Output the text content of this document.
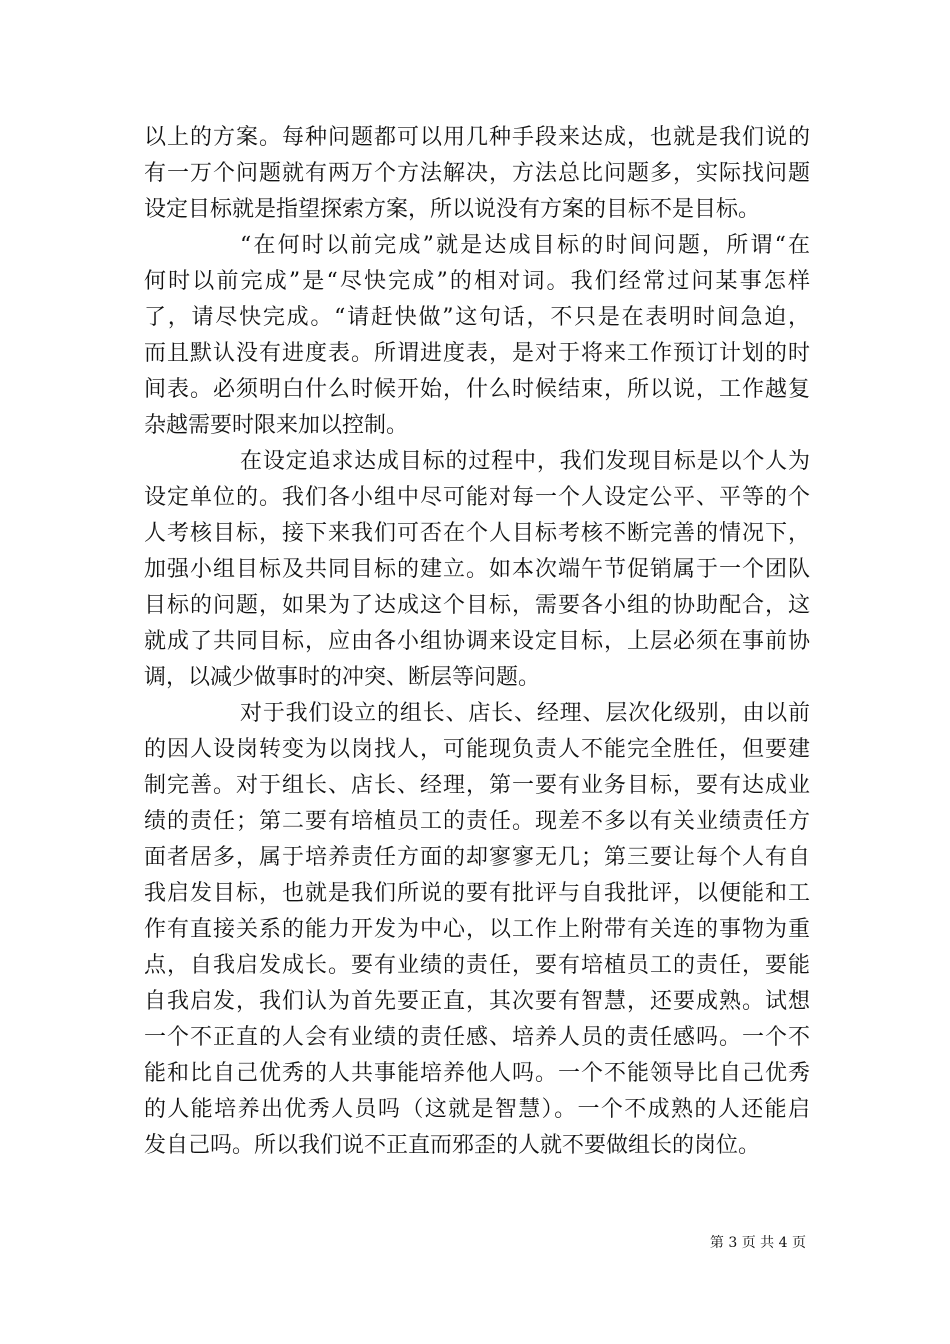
以上的方案。每种问题都可以用几种手段来达成，也就是我们说的
有一万个问题就有两万个方法解决，方法总比问题多，实际找问题
设定目标就是指望探索方案，所以说没有方案的目标不是目标。
“在何时以前完成”就是达成目标的时间问题，所谓“在
何时以前完成”是“尽快完成”的相对词。我们经常过问某事怎样
了，请尽快完成。“请赶快做”这句话，不只是在表明时间急迫，
而且默认没有进度表。所谓进度表，是对于将来工作预订计划的时
间表。必须明白什么时候开始，什么时候结束，所以说，工作越复
杂越需要时限来加以控制。
在设定追求达成目标的过程中，我们发现目标是以个人为
设定单位的。我们各小组中尽可能对每一个人设定公平、平等的个
人考核目标，接下来我们可否在个人目标考核不断完善的情况下，
加强小组目标及共同目标的建立。如本次端午节促销属于一个团队
目标的问题，如果为了达成这个目标，需要各小组的协助配合，这
就成了共同目标，应由各小组协调来设定目标，上层必须在事前协
调，以减少做事时的冲突、断层等问题。
对于我们设立的组长、店长、经理、层次化级别，由以前
的因人设岗转变为以岗找人，可能现负责人不能完全胜任，但要建
制完善。对于组长、店长、经理，第一要有业务目标，要有达成业
绩的责任；第二要有培植员工的责任。现差不多以有关业绩责任方
面者居多，属于培养责任方面的却寥寥无几；第三要让每个人有自
我启发目标，也就是我们所说的要有批评与自我批评，以便能和工
作有直接关系的能力开发为中心，以工作上附带有关连的事物为重
点，自我启发成长。要有业绩的责任，要有培植员工的责任，要能
自我启发，我们认为首先要正直，其次要有智慧，还要成熟。试想
一个不正直的人会有业绩的责任感、培养人员的责任感吗。一个不
能和比自己优秀的人共事能培养他人吗。一个不能领导比自己优秀
的人能培养出优秀人员吗（这就是智慧）。一个不成熟的人还能启
发自己吗。所以我们说不正直而邪歪的人就不要做组长的岗位。
第 3 页 共 4 页
